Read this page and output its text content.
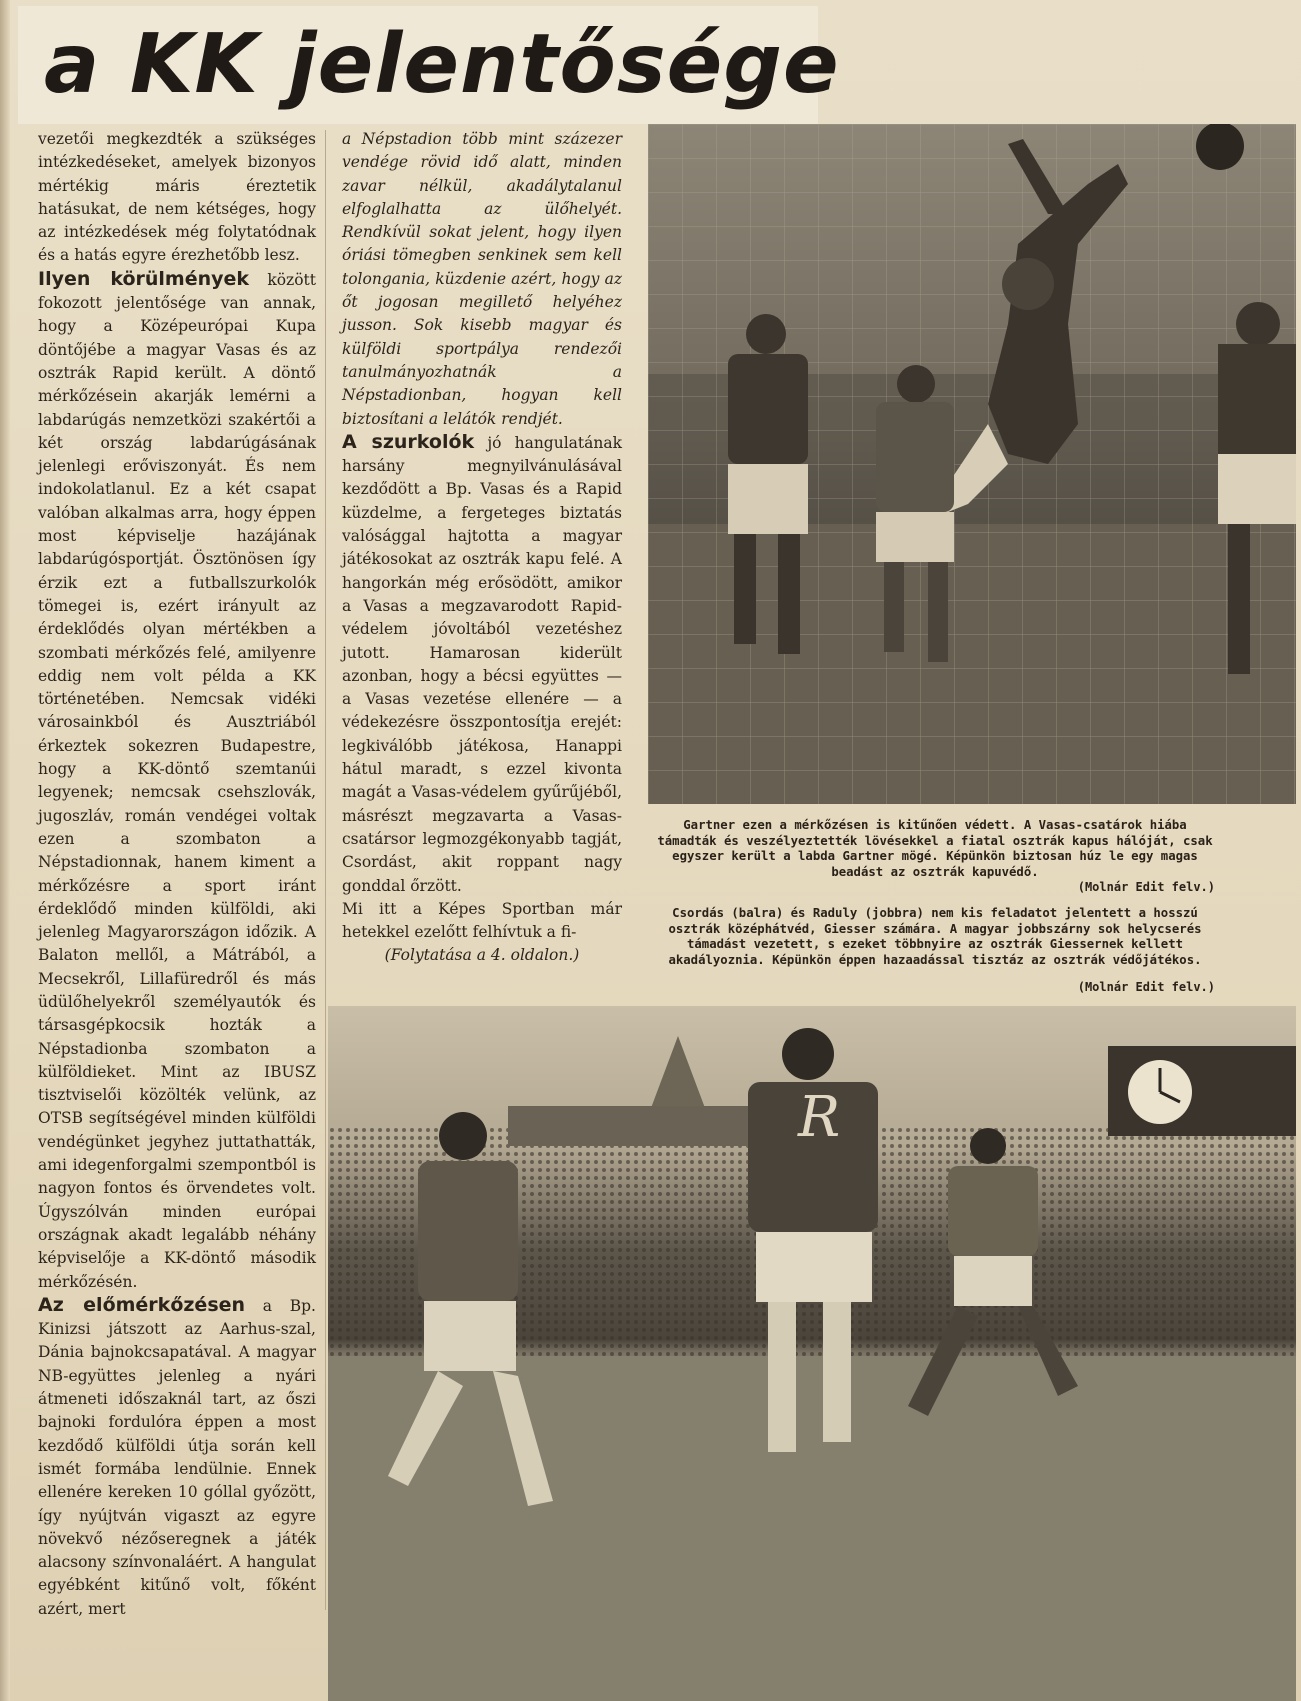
a KK jelentősége

vezetői megkezdték a szükséges intézkedéseket, amelyek bizonyos mértékig máris éreztetik hatásukat, de nem kétséges, hogy az intézkedések még folytatódnak és a hatás egyre érezhetőbb lesz.

Ilyen körülmények között fokozott jelentősége van annak, hogy a Középeurópai Kupa döntőjébe a magyar Vasas és az osztrák Rapid került. A döntő mérkőzésein akarják lemérni a labdarúgás nemzetközi szakértői a két ország labdarúgásának jelenlegi erőviszonyát. És nem indokolatlanul. Ez a két csapat valóban alkalmas arra, hogy éppen most képviselje hazájának labdarúgósportját. Ösztönösen így érzik ezt a futballszurkolók tömegei is, ezért irányult az érdeklődés olyan mértékben a szombati mérkőzés felé, amilyenre eddig nem volt példa a KK történetében. Nemcsak vidéki városainkból és Ausztriából érkeztek sokezren Budapestre, hogy a KK-döntő szemtanúi legyenek; nemcsak csehszlovák, jugoszláv, román vendégei voltak ezen a szombaton a Népstadionnak, hanem kiment a mérkőzésre a sport iránt érdeklődő minden külföldi, aki jelenleg Magyarországon időzik. A Balaton mellől, a Mátrából, a Mecsekről, Lillafüredről és más üdülőhelyekről személyautók és társasgépkocsik hozták a Népstadionba szombaton a külföldieket. Mint az IBUSZ tisztviselői közölték velünk, az OTSB segítségével minden külföldi vendégünket jegyhez juttathatták, ami idegenforgalmi szempontból is nagyon fontos és örvendetes volt. Úgyszólván minden európai országnak akadt legalább néhány képviselője a KK-döntő második mérkőzésén.

Az előmérkőzésen a Bp. Kinizsi játszott az Aarhus-szal, Dánia bajnokcsapatával. A magyar NB-együttes jelenleg a nyári átmeneti időszaknál tart, az őszi bajnoki fordulóra éppen a most kezdődő külföldi útja során kell ismét formába lendülnie. Ennek ellenére kereken 10 góllal győzött, így nyújtván vigaszt az egyre növekvő nézőseregnek a játék alacsony színvonaláért. A hangulat egyébként kitűnő volt, főként azért, mert

a Népstadion több mint százezer vendége rövid idő alatt, minden zavar nélkül, akadálytalanul elfoglalhatta az ülőhelyét. Rendkívül sokat jelent, hogy ilyen óriási tömegben senkinek sem kell tolongania, küzdenie azért, hogy az őt jogosan megillető helyéhez jusson. Sok kisebb magyar és külföldi sportpálya rendezői tanulmányozhatnák a Népstadionban, hogyan kell biztosítani a lelátók rendjét.

A szurkolók jó hangulatának harsány megnyilvánulásával kezdődött a Bp. Vasas és a Rapid küzdelme, a fergeteges biztatás valósággal hajtotta a magyar játékosokat az osztrák kapu felé. A hangorkán még erősödött, amikor a Vasas a megzavarodott Rapid-védelem jóvoltából vezetéshez jutott. Hamarosan kiderült azonban, hogy a bécsi együttes — a Vasas vezetése ellenére — a védekezésre összpontosítja erejét: legkiválóbb játékosa, Hanappi hátul maradt, s ezzel kivonta magát a Vasas-védelem gyűrűjéből, másrészt megzavarta a Vasas-csatársor legmozgékonyabb tagját, Csordást, akit roppant nagy gonddal őrzött.

Mi itt a Képes Sportban már hetekkel ezelőtt felhívtuk a fi-

(Folytatása a 4. oldalon.)

Gartner ezen a mérkőzésen is kitűnően védett. A Vasas-csatárok hiába támadták és veszélyeztették lövésekkel a fiatal osztrák kapus hálóját, csak egyszer került a labda Gartner mögé. Képünkön biztosan húz le egy magas beadást az osztrák kapuvédő.
(Molnár Edit felv.)
Csordás (balra) és Raduly (jobbra) nem kis feladatot jelentett a hosszú osztrák középhátvéd, Giesser számára. A magyar jobbszárny sok helycserés támadást vezetett, s ezeket többnyire az osztrák Giessernek kellett akadályoznia. Képünkön éppen hazaadással tisztáz az osztrák védőjátékos.
(Molnár Edit felv.)
R
